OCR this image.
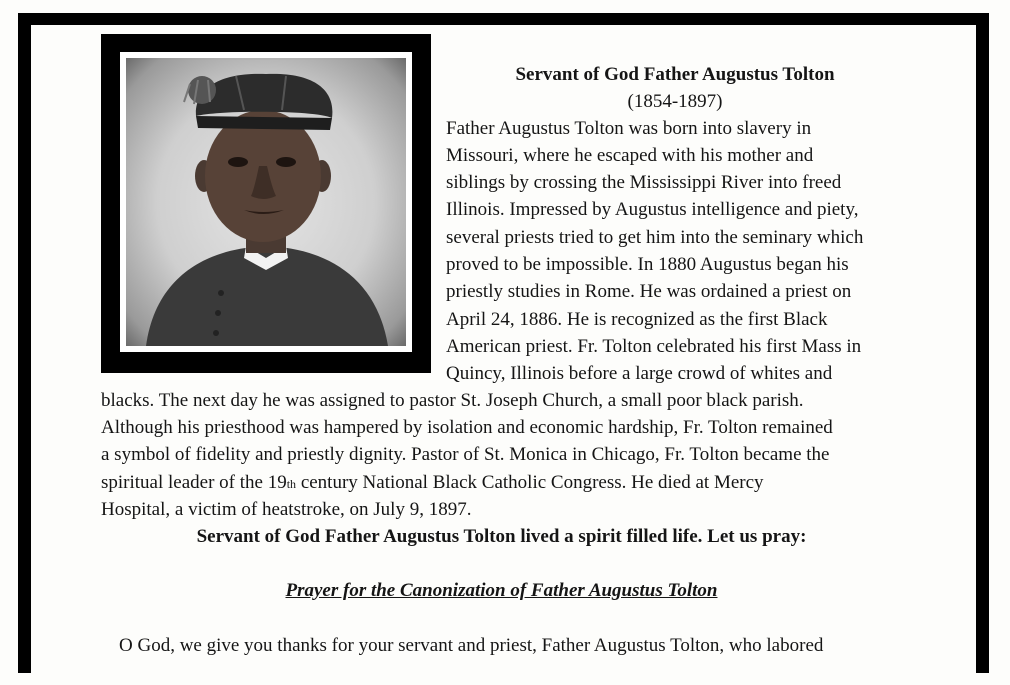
Servant of God Father Augustus Tolton
(1854-1897)
Father Augustus Tolton was born into slavery in
Missouri, where he escaped with his mother and
siblings by crossing the Mississippi River into freed
Illinois. Impressed by Augustus intelligence and piety,
several priests tried to get him into the seminary which
proved to be impossible. In 1880 Augustus began his
priestly studies in Rome. He was ordained a priest on
April 24, 1886. He is recognized as the first Black
American priest. Fr. Tolton celebrated his first Mass in
Quincy, Illinois before a large crowd of whites and
blacks. The next day he was assigned to pastor St. Joseph Church, a small poor black parish.
Although his priesthood was hampered by isolation and economic hardship, Fr. Tolton remained
a symbol of fidelity and priestly dignity. Pastor of St. Monica in Chicago, Fr. Tolton became the
spiritual leader of the 19th century National Black Catholic Congress. He died at Mercy
Hospital, a victim of heatstroke, on July 9, 1897.
Servant of God Father Augustus Tolton lived a spirit filled life. Let us pray:
Prayer for the Canonization of Father Augustus Tolton
O God, we give you thanks for your servant and priest, Father Augustus Tolton, who labored
